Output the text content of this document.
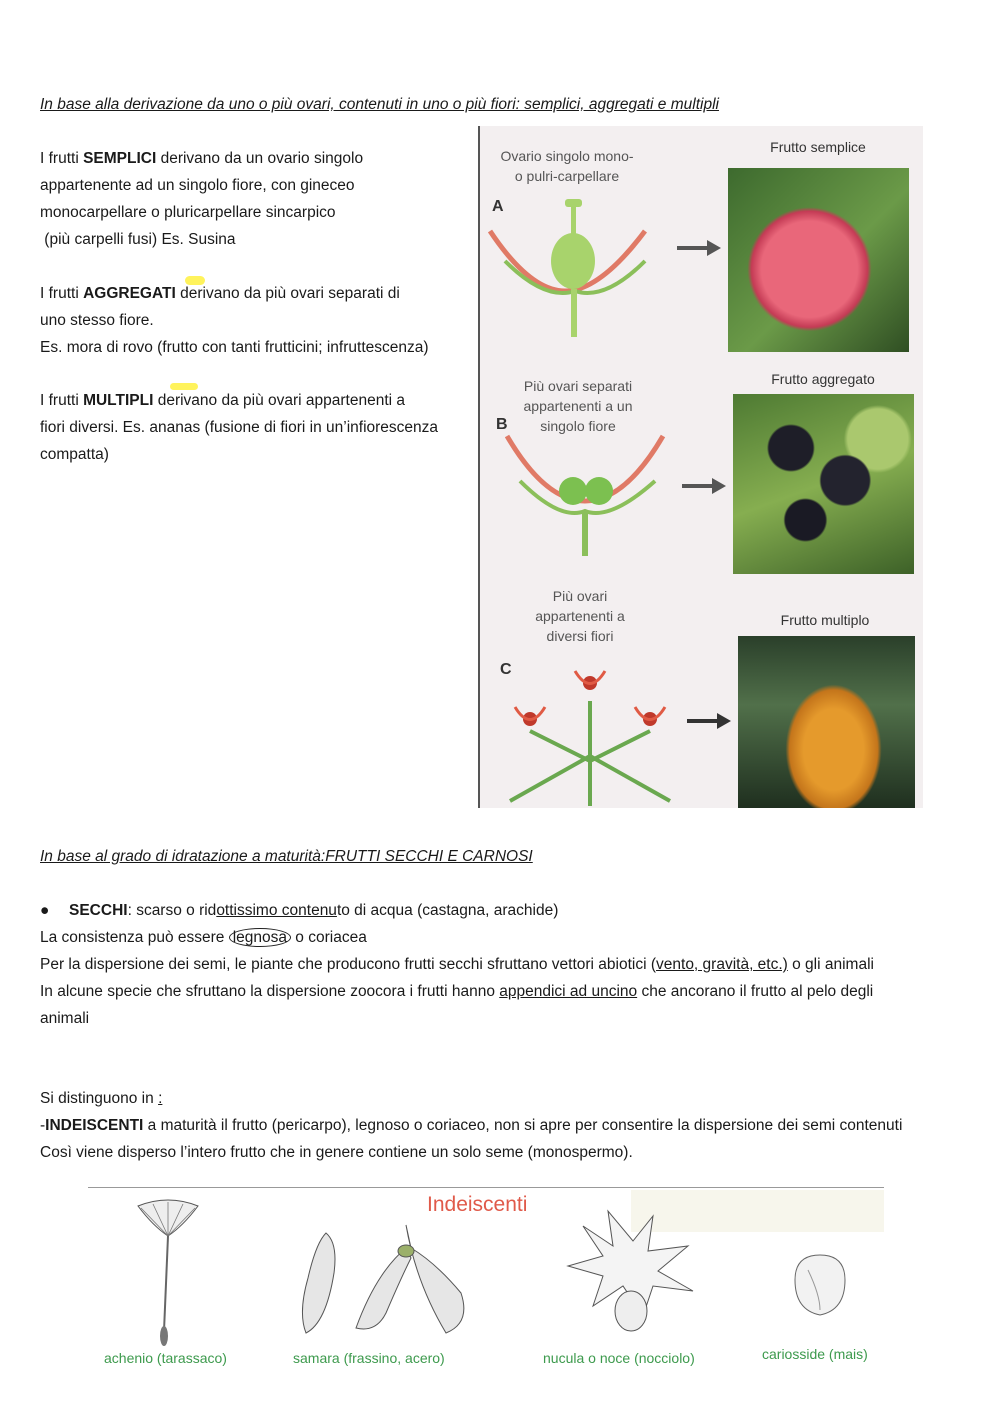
In base alla derivazione da uno o più ovari, contenuti in uno o più fiori: semplici, aggregati e multipli
I frutti SEMPLICI derivano da un ovario singolo
appartenente ad un singolo fiore, con gineceo
monocarpellare o pluricarpellare sincarpico
(più carpelli fusi) Es. Susina
I frutti AGGREGATI derivano da più ovari separati di
uno stesso fiore.
Es. mora di rovo (frutto con tanti frutticini; infruttescenza)
I frutti MULTIPLI derivano da più ovari appartenenti a
fiori diversi. Es. ananas (fusione di fiori in un’infiorescenza
compatta)
Ovario singolo mono-
o pulri-carpellare
A
Frutto semplice
Più ovari separati
appartenenti a un
singolo fiore
B
Frutto aggregato
Più ovari
appartenenti a
diversi fiori
C
Frutto multiplo
In base al grado di idratazione a maturità:FRUTTI SECCHI E CARNOSI
● SECCHI: scarso o ridottissimo contenuto di acqua (castagna, arachide)
La consistenza può essere legnosa o coriacea
Per la dispersione dei semi, le piante che producono frutti secchi sfruttano vettori abiotici (vento, gravità, etc.) o gli animali
In alcune specie che sfruttano la dispersione zoocora i frutti hanno appendici ad uncino che ancorano il frutto al pelo degli
animali
Si distinguono in :
-INDEISCENTI a maturità il frutto (pericarpo), legnoso o coriaceo, non si apre per consentire la dispersione dei semi contenuti
Così viene disperso l’intero frutto che in genere contiene un solo seme (monospermo).
Indeiscenti
achenio (tarassaco)	samara (frassino, acero)	nucula o noce (nocciolo)	cariosside (mais)
